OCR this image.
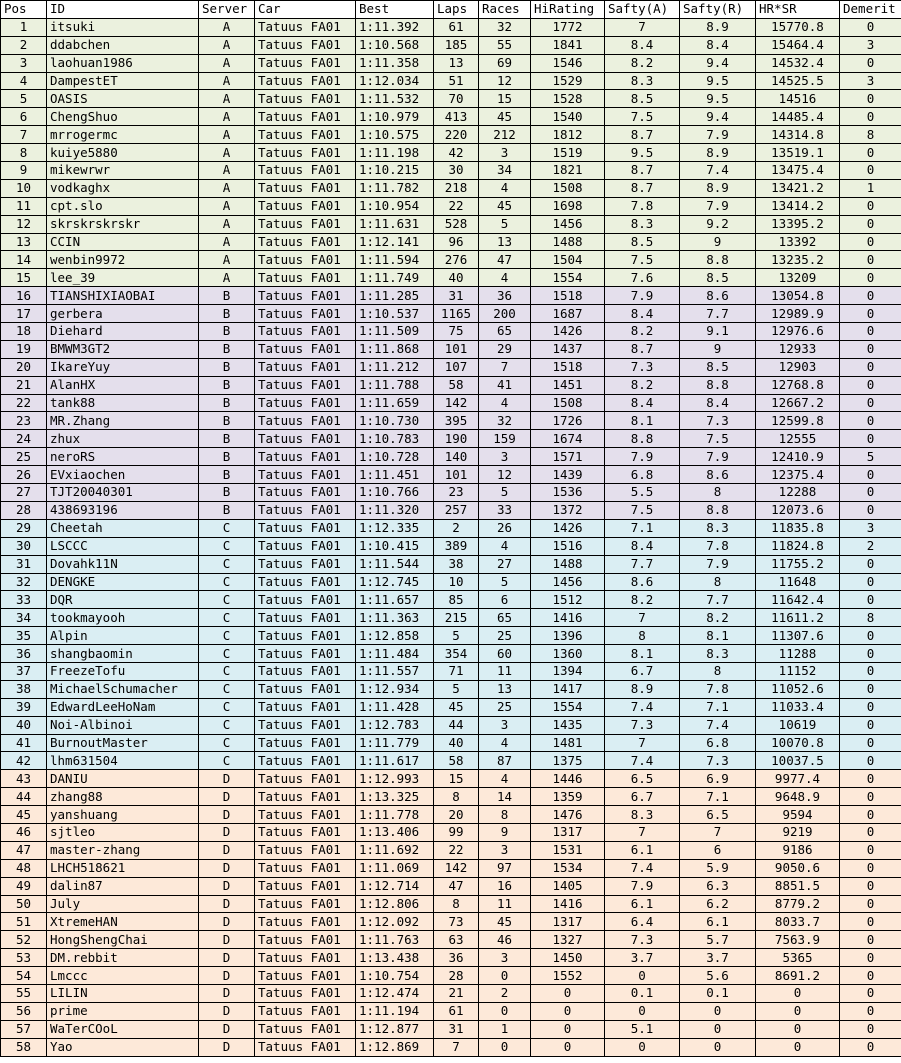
Pos	ID	Server	Car	Best	Laps	Races	HiRating	Safty(A)	Safty(R)	HR*SR	Demerit
1	itsuki	A	Tatuus FA01	1:11.392	61	32	1772	7	8.9	15770.8	0
2	ddabchen	A	Tatuus FA01	1:10.568	185	55	1841	8.4	8.4	15464.4	3
3	laohuan1986	A	Tatuus FA01	1:11.358	13	69	1546	8.2	9.4	14532.4	0
4	DampestET	A	Tatuus FA01	1:12.034	51	12	1529	8.3	9.5	14525.5	3
5	OASIS	A	Tatuus FA01	1:11.532	70	15	1528	8.5	9.5	14516	0
6	ChengShuo	A	Tatuus FA01	1:10.979	413	45	1540	7.5	9.4	14485.4	0
7	mrrogermc	A	Tatuus FA01	1:10.575	220	212	1812	8.7	7.9	14314.8	8
8	kuiye5880	A	Tatuus FA01	1:11.198	42	3	1519	9.5	8.9	13519.1	0
9	mikewrwr	A	Tatuus FA01	1:10.215	30	34	1821	8.7	7.4	13475.4	0
10	vodkaghx	A	Tatuus FA01	1:11.782	218	4	1508	8.7	8.9	13421.2	1
11	cpt.slo	A	Tatuus FA01	1:10.954	22	45	1698	7.8	7.9	13414.2	0
12	skrskrskrskr	A	Tatuus FA01	1:11.631	528	5	1456	8.3	9.2	13395.2	0
13	CCIN	A	Tatuus FA01	1:12.141	96	13	1488	8.5	9	13392	0
14	wenbin9972	A	Tatuus FA01	1:11.594	276	47	1504	7.5	8.8	13235.2	0
15	lee_39	A	Tatuus FA01	1:11.749	40	4	1554	7.6	8.5	13209	0
16	TIANSHIXIAOBAI	B	Tatuus FA01	1:11.285	31	36	1518	7.9	8.6	13054.8	0
17	gerbera	B	Tatuus FA01	1:10.537	1165	200	1687	8.4	7.7	12989.9	0
18	Diehard	B	Tatuus FA01	1:11.509	75	65	1426	8.2	9.1	12976.6	0
19	BMWM3GT2	B	Tatuus FA01	1:11.868	101	29	1437	8.7	9	12933	0
20	IkareYuy	B	Tatuus FA01	1:11.212	107	7	1518	7.3	8.5	12903	0
21	AlanHX	B	Tatuus FA01	1:11.788	58	41	1451	8.2	8.8	12768.8	0
22	tank88	B	Tatuus FA01	1:11.659	142	4	1508	8.4	8.4	12667.2	0
23	MR.Zhang	B	Tatuus FA01	1:10.730	395	32	1726	8.1	7.3	12599.8	0
24	zhux	B	Tatuus FA01	1:10.783	190	159	1674	8.8	7.5	12555	0
25	neroRS	B	Tatuus FA01	1:10.728	140	3	1571	7.9	7.9	12410.9	5
26	EVxiaochen	B	Tatuus FA01	1:11.451	101	12	1439	6.8	8.6	12375.4	0
27	TJT20040301	B	Tatuus FA01	1:10.766	23	5	1536	5.5	8	12288	0
28	438693196	B	Tatuus FA01	1:11.320	257	33	1372	7.5	8.8	12073.6	0
29	Cheetah	C	Tatuus FA01	1:12.335	2	26	1426	7.1	8.3	11835.8	3
30	LSCCC	C	Tatuus FA01	1:10.415	389	4	1516	8.4	7.8	11824.8	2
31	Dovahk11N	C	Tatuus FA01	1:11.544	38	27	1488	7.7	7.9	11755.2	0
32	DENGKE	C	Tatuus FA01	1:12.745	10	5	1456	8.6	8	11648	0
33	DQR	C	Tatuus FA01	1:11.657	85	6	1512	8.2	7.7	11642.4	0
34	tookmayooh	C	Tatuus FA01	1:11.363	215	65	1416	7	8.2	11611.2	8
35	Alpin	C	Tatuus FA01	1:12.858	5	25	1396	8	8.1	11307.6	0
36	shangbaomin	C	Tatuus FA01	1:11.484	354	60	1360	8.1	8.3	11288	0
37	FreezeTofu	C	Tatuus FA01	1:11.557	71	11	1394	6.7	8	11152	0
38	MichaelSchumacher	C	Tatuus FA01	1:12.934	5	13	1417	8.9	7.8	11052.6	0
39	EdwardLeeHoNam	C	Tatuus FA01	1:11.428	45	25	1554	7.4	7.1	11033.4	0
40	Noi-Albinoi	C	Tatuus FA01	1:12.783	44	3	1435	7.3	7.4	10619	0
41	BurnoutMaster	C	Tatuus FA01	1:11.779	40	4	1481	7	6.8	10070.8	0
42	lhm631504	C	Tatuus FA01	1:11.617	58	87	1375	7.4	7.3	10037.5	0
43	DANIU	D	Tatuus FA01	1:12.993	15	4	1446	6.5	6.9	9977.4	0
44	zhang88	D	Tatuus FA01	1:13.325	8	14	1359	6.7	7.1	9648.9	0
45	yanshuang	D	Tatuus FA01	1:11.778	20	8	1476	8.3	6.5	9594	0
46	sjtleo	D	Tatuus FA01	1:13.406	99	9	1317	7	7	9219	0
47	master-zhang	D	Tatuus FA01	1:11.692	22	3	1531	6.1	6	9186	0
48	LHCH518621	D	Tatuus FA01	1:11.069	142	97	1534	7.4	5.9	9050.6	0
49	dalin87	D	Tatuus FA01	1:12.714	47	16	1405	7.9	6.3	8851.5	0
50	July	D	Tatuus FA01	1:12.806	8	11	1416	6.1	6.2	8779.2	0
51	XtremeHAN	D	Tatuus FA01	1:12.092	73	45	1317	6.4	6.1	8033.7	0
52	HongShengChai	D	Tatuus FA01	1:11.763	63	46	1327	7.3	5.7	7563.9	0
53	DM.rebbit	D	Tatuus FA01	1:13.438	36	3	1450	3.7	3.7	5365	0
54	Lmccc	D	Tatuus FA01	1:10.754	28	0	1552	0	5.6	8691.2	0
55	LILIN	D	Tatuus FA01	1:12.474	21	2	0	0.1	0.1	0	0
56	prime	D	Tatuus FA01	1:11.194	61	0	0	0	0	0	0
57	WaTerCOoL	D	Tatuus FA01	1:12.877	31	1	0	5.1	0	0	0
58	Yao	D	Tatuus FA01	1:12.869	7	0	0	0	0	0	0
